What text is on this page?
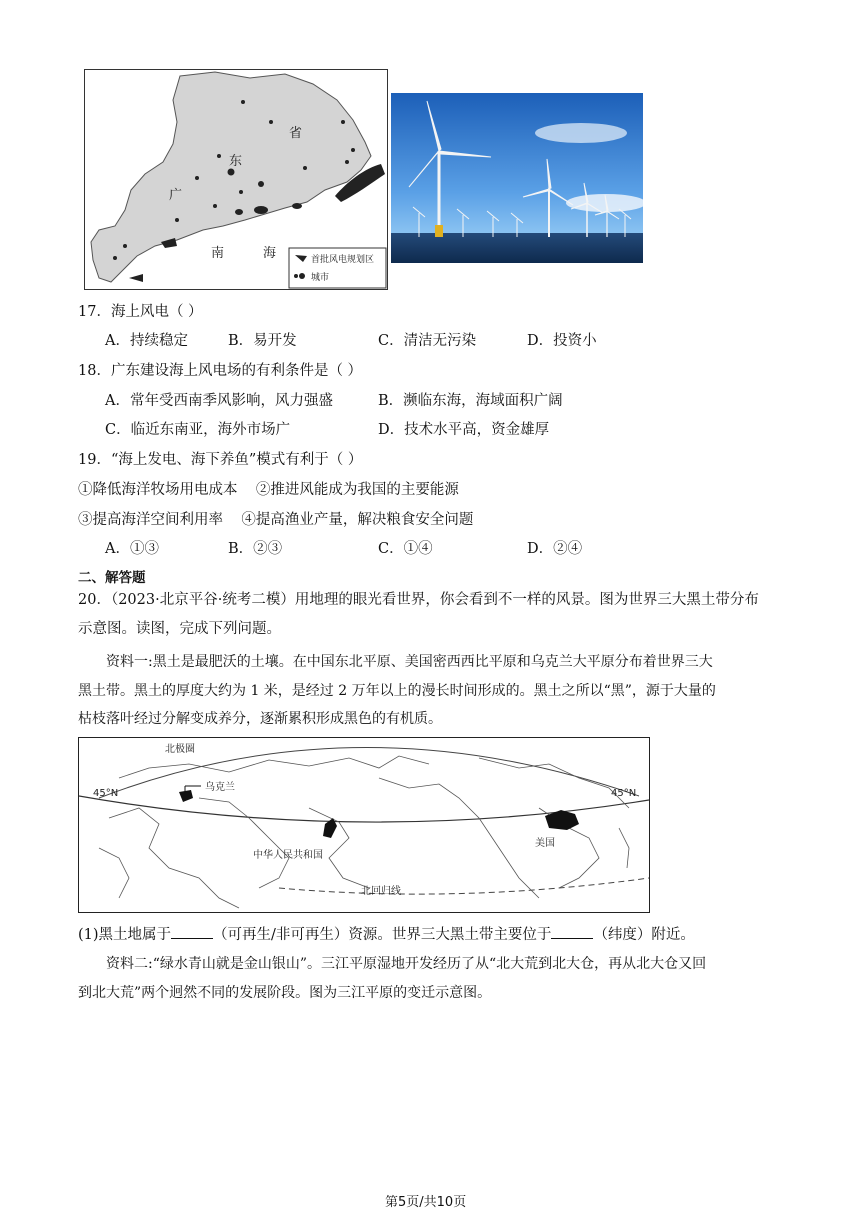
省
东
广
南	海	首批风电规划区
城市
17．海上风电（ ）
A．持续稳定	B．易开发	C．清洁无污染	D．投资小
18．广东建设海上风电场的有利条件是（ ）
A．常年受西南季风影响，风力强盛	B．濒临东海，海域面积广阔
C．临近东南亚，海外市场广	D．技术水平高，资金雄厚
19．“海上发电、海下养鱼”模式有利于（ ）
①降低海洋牧场用电成本    ②推进风能成为我国的主要能源
③提高海洋空间利用率    ④提高渔业产量，解决粮食安全问题
A．①③	B．②③	C．①④	D．②④
二、解答题
20．（2023·北京平谷·统考二模）用地理的眼光看世界，你会看到不一样的风景。图为世界三大黑土带分布
示意图。读图，完成下列问题。
资料一:黑土是最肥沃的土壤。在中国东北平原、美国密西西比平原和乌克兰大平原分布着世界三大
黑土带。黑土的厚度大约为 1 米，是经过 2 万年以上的漫长时间形成的。黑土之所以“黑”，源于大量的
枯枝落叶经过分解变成养分，逐渐累积形成黑色的有机质。
北极圈
45°N	45°N
乌克兰
中华人民共和国
美国
北回归线
(1)黑土地属于	（可再生/非可再生）资源。世界三大黑土带主要位于	（纬度）附近。
资料二:“绿水青山就是金山银山”。三江平原湿地开发经历了从“北大荒到北大仓，再从北大仓又回
到北大荒”两个迥然不同的发展阶段。图为三江平原的变迁示意图。
第5页/共10页
